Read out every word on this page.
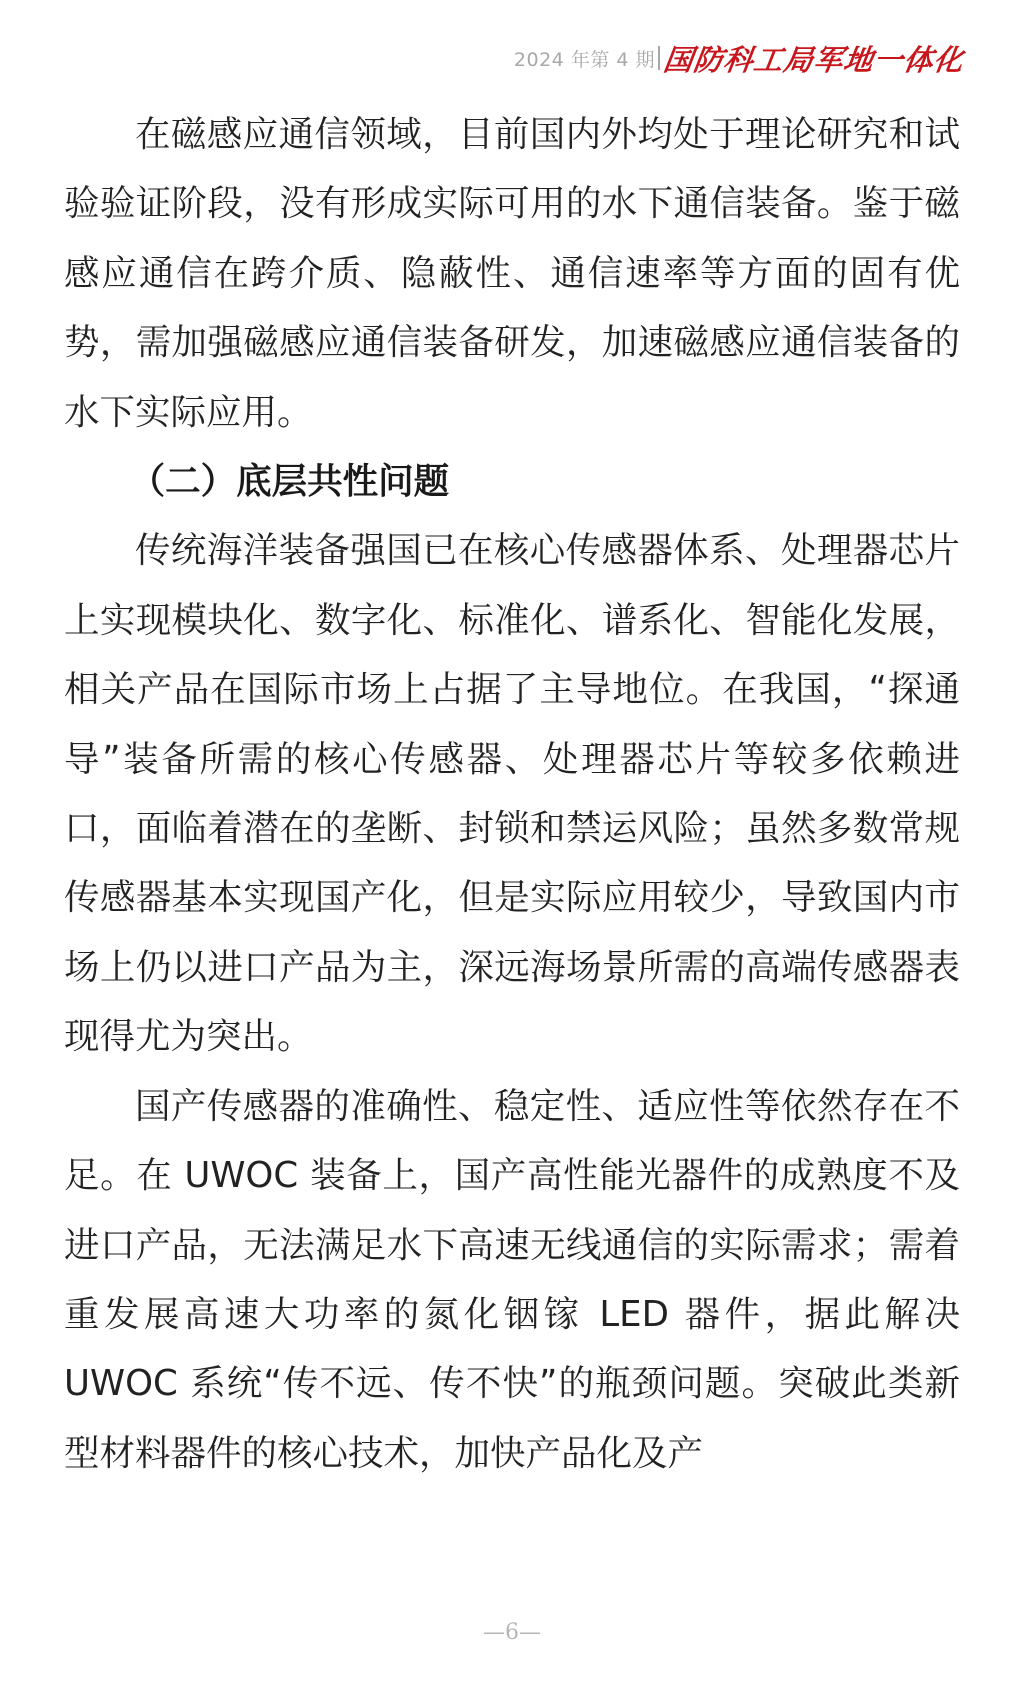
2024 年第 4 期 国防科工局军地一体化

在磁感应通信领域，目前国内外均处于理论研究和试验验证阶段，没有形成实际可用的水下通信装备。鉴于磁感应通信在跨介质、隐蔽性、通信速率等方面的固有优势，需加强磁感应通信装备研发，加速磁感应通信装备的水下实际应用。

（二）底层共性问题

传统海洋装备强国已在核心传感器体系、处理器芯片上实现模块化、数字化、标准化、谱系化、智能化发展，相关产品在国际市场上占据了主导地位。在我国，“探通导”装备所需的核心传感器、处理器芯片等较多依赖进口，面临着潜在的垄断、封锁和禁运风险；虽然多数常规传感器基本实现国产化，但是实际应用较少，导致国内市场上仍以进口产品为主，深远海场景所需的高端传感器表现得尤为突出。

国产传感器的准确性、稳定性、适应性等依然存在不足。在 UWOC 装备上，国产高性能光器件的成熟度不及进口产品，无法满足水下高速无线通信的实际需求；需着重发展高速大功率的氮化铟镓 LED 器件，据此解决 UWOC 系统“传不远、传不快”的瓶颈问题。突破此类新型材料器件的核心技术，加快产品化及产

—6—
